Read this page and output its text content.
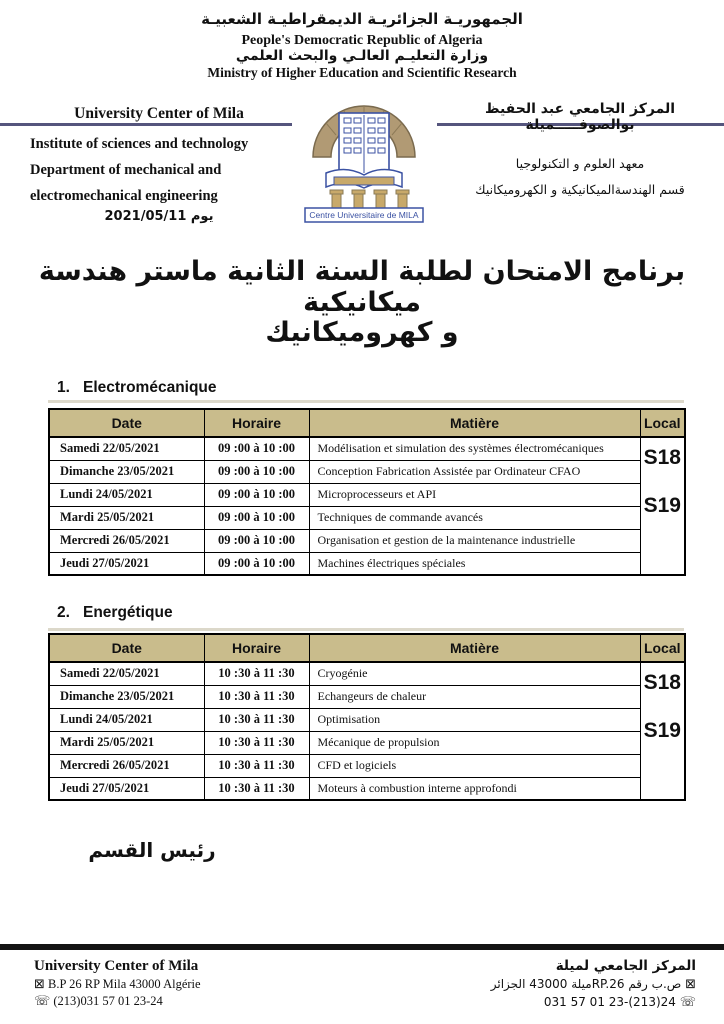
الجمهوريـة الجزائريـة الديمقراطيـة الشعبيـة
People's Democratic Republic of Algeria
وزارة التعليـم العالـي والبحث العلمي
Ministry of Higher Education and Scientific Research
University Center of Mila
Institute of sciences and technology
Department of mechanical and
electromechanical engineering
يوم 2021/05/11	Centre Universitaire de MILA
المركز الجامعي عبد الحفيظ بوالصوفـــــميلة
معهد العلوم و التكنولوجيا
قسم الهندسةالميكانيكية و الكهروميكانيك
برنامج الامتحان لطلبة السنة الثانية ماستر هندسة ميكانيكية
و كهروميكانيك
1. Electromécanique
Date	Horaire	Matière	Local
Samedi 22/05/2021	09 :00 à 10 :00	Modélisation et simulation des systèmes électromécaniques	S18
S19

Dimanche 23/05/2021	09 :00 à 10 :00	Conception Fabrication Assistée par Ordinateur CFAO	
Lundi 24/05/2021	09 :00 à 10 :00	Microprocesseurs et API	
Mardi 25/05/2021	09 :00 à 10 :00	Techniques de commande avancés	
Mercredi 26/05/2021	09 :00 à 10 :00	Organisation et gestion de la maintenance industrielle	
Jeudi 27/05/2021	09 :00 à 10 :00	Machines électriques spéciales	
2. Energétique
Date	Horaire	Matière	Local
Samedi 22/05/2021	10 :30 à 11 :30	Cryogénie	S18
S19

Dimanche 23/05/2021	10 :30 à 11 :30	Echangeurs de chaleur	
Lundi 24/05/2021	10 :30 à 11 :30	Optimisation	
Mardi 25/05/2021	10 :30 à 11 :30	Mécanique de propulsion	
Mercredi 26/05/2021	10 :30 à 11 :30	CFD et logiciels	
Jeudi 27/05/2021	10 :30 à 11 :30	Moteurs à combustion interne approfondi	
رئيس القسم
University Center of Mila
⊠ B.P 26 RP Mila 43000 Algérie
☏ (213)031 57 01 23-24
المركز الجامعي لميلة
⊠ ص.ب رقم RP.26ميلة 43000 الجزائر
☏ 031 57 01 23-(213)24
